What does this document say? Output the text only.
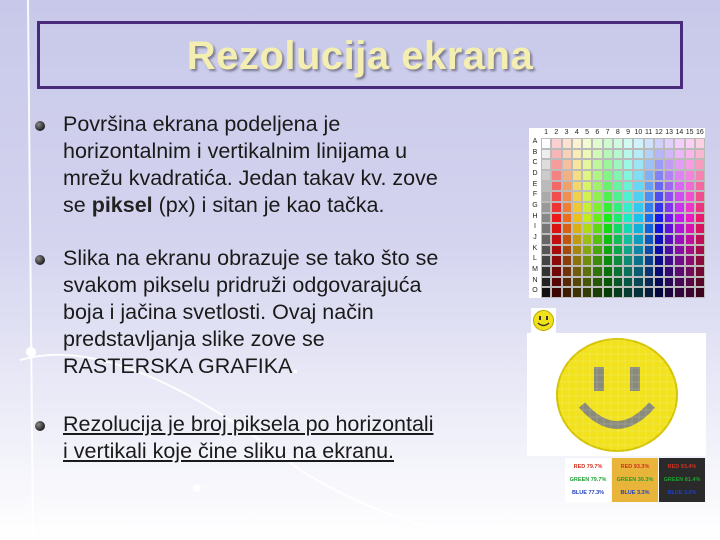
Rezolucija ekrana
Površina ekrana podeljena je
horizontalnim i vertikalnim linijama u
mrežu kvadratića. Jedan takav kv. zove
se piksel (px) i sitan je kao tačka.
Slika na ekranu obrazuje se tako što se
svakom pikselu pridruži odgovarajuća
boja i jačina svetlosti. Ovaj način
predstavljanja slike zove se
RASTERSKA GRAFIKA.
Rezolucija je broj piksela po horizontali
i vertikali koje čine sliku na ekranu.
1 2 3 4 5 6 7 8 9 10 11 12 13 14 15 16
A
B
C
D
E
F
G
H
I
J
K
L
M
N
O
RED 79.7%
GREEN 79.7%
BLUE 77.3%
RED 93.3%
GREEN 30.3%
BLUE 3.3%
RED 93.4%
GREEN 81.4%
BLUE 3.0%
